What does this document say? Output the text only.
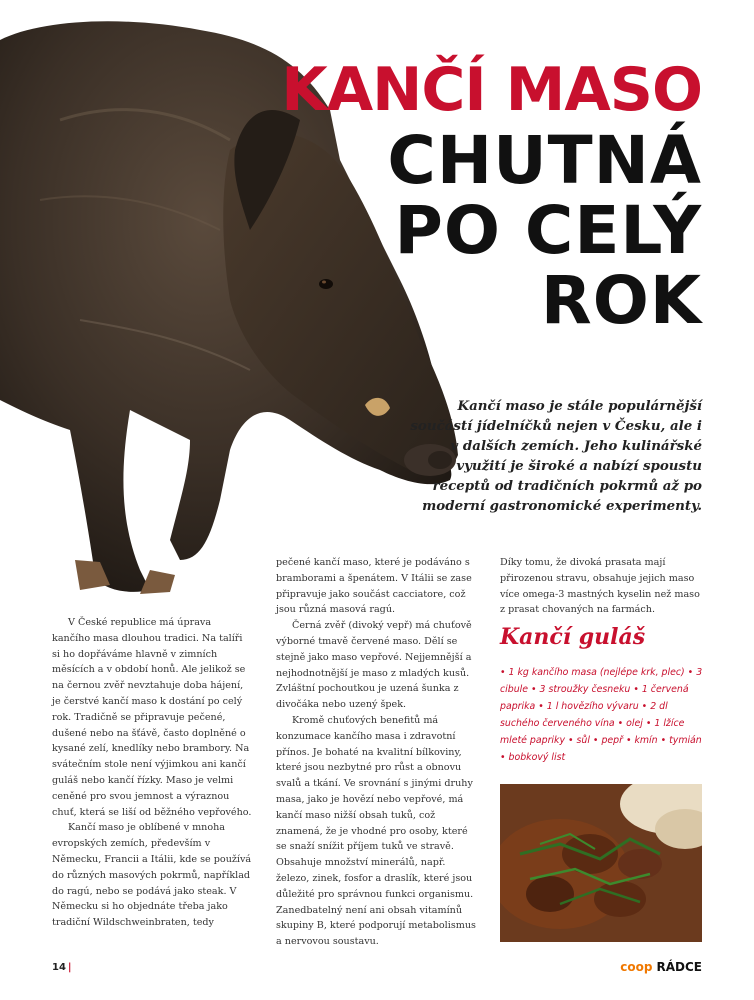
KANČÍ MASO
CHUTNÁ
PO CELÝ
ROK

Kančí maso je stále populárnější součástí jídelníčků nejen v Česku, ale i v dalších zemích. Jeho kulinářské využití je široké a nabízí spoustu receptů od tradičních pokrmů až po moderní gastronomické experimenty.

V České republice má úprava kančího masa dlouhou tradici. Na talíři si ho dopřáváme hlavně v zimních měsících a v období honů. Ale jelikož se na černou zvěř nevztahuje doba hájení, je čerstvé kančí maso k dostání po celý rok. Tradičně se připravuje pečené, dušené nebo na šťávě, často doplněné o kysané zelí, knedlíky nebo brambory. Na svátečním stole není výjimkou ani kančí guláš nebo kančí řízky. Maso je velmi ceněné pro svou jemnost a výraznou chuť, která se liší od běžného vepřového.

Kančí maso je oblíbené v mnoha evropských zemích, především v Německu, Francii a Itálii, kde se používá do různých masových pokrmů, například do ragú, nebo se podává jako steak. V Německu si ho objednáte třeba jako tradiční Wildschweinbraten, tedy

pečené kančí maso, které je podáváno s bramborami a špenátem. V Itálii se zase připravuje jako součást cacciatore, což jsou různá masová ragú.

Černá zvěř (divoký vepř) má chuťově výborné tmavě červené maso. Dělí se stejně jako maso vepřové. Nejjemnější a nejhodnotnější je maso z mladých kusů. Zvláštní pochoutkou je uzená šunka z divočáka nebo uzený špek.

Kromě chuťových benefitů má konzumace kančího masa i zdravotní přínos. Je bohaté na kvalitní bílkoviny, které jsou nezbytné pro růst a obnovu svalů a tkání. Ve srovnání s jinými druhy masa, jako je hovězí nebo vepřové, má kančí maso nižší obsah tuků, což znamená, že je vhodné pro osoby, které se snaží snížit příjem tuků ve stravě. Obsahuje množství minerálů, např. železo, zinek, fosfor a draslík, které jsou důležité pro správnou funkci organismu. Zanedbatelný není ani obsah vitamínů skupiny B, které podporují metabolismus a nervovou soustavu.

Díky tomu, že divoká prasata mají přirozenou stravu, obsahuje jejich maso více omega-3 mastných kyselin než maso z prasat chovaných na farmách.

Kančí guláš

• 1 kg kančího masa (nejlépe krk, plec) • 3 cibule • 3 stroužky česneku • 1 červená paprika • 1 l hovězího vývaru • 2 dl suchého červeného vína • olej • 1 lžíce mleté papriky • sůl • pepř • kmín • tymián • bobkový list

14 |	coop RÁDCE
